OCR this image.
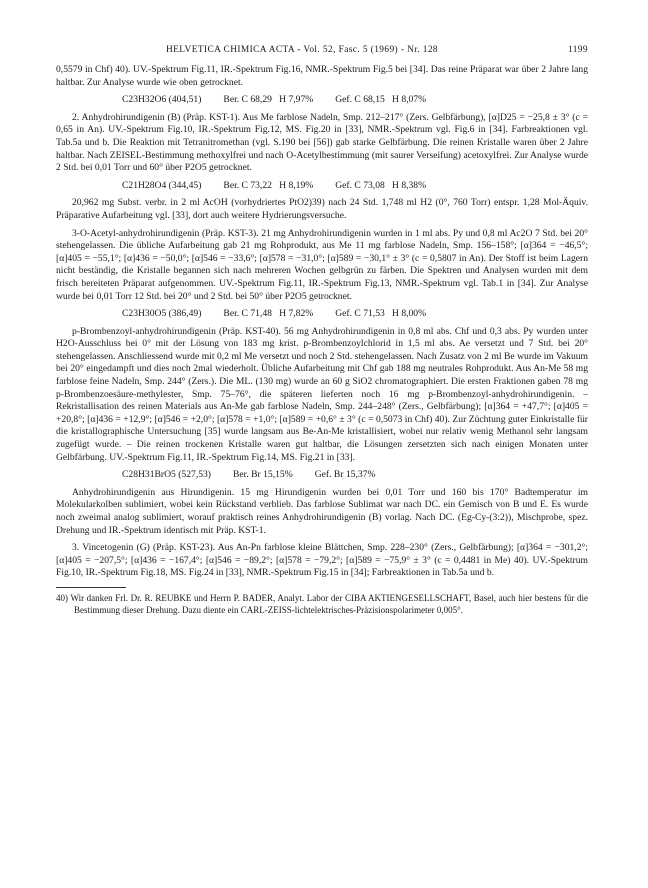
HELVETICA CHIMICA ACTA - Vol. 52, Fasc. 5 (1969) - Nr. 128	1199

0,5579 in Chf) 40). UV.-Spektrum Fig.11, IR.-Spektrum Fig.16, NMR.-Spektrum Fig.5 bei [34]. Das reine Präparat war über 2 Jahre lang haltbar. Zur Analyse wurde wie oben getrocknet.

C23H32O6 (404,51) Ber. C 68,29   H 7,97% Gef. C 68,15   H 8,07%

2. Anhydrohirundigenin (B) (Präp. KST-1). Aus Me farblose Nadeln, Smp. 212–217° (Zers. Gelbfärbung), [α]D25 = −25,8 ± 3° (c = 0,65 in An). UV.-Spektrum Fig.10, IR.-Spektrum Fig.12, MS. Fig.20 in [33], NMR.-Spektrum vgl. Fig.6 in [34]. Farbreaktionen vgl. Tab.5a und b. Die Reaktion mit Tetranitromethan (vgl. S.190 bei [56]) gab starke Gelbfärbung. Die reinen Kristalle waren über 2 Jahre haltbar. Nach ZEISEL-Bestimmung methoxylfrei und nach O-Acetylbestimmung (mit saurer Verseifung) acetoxylfrei. Zur Analyse wurde 2 Std. bei 0,01 Torr und 60° über P2O5 getrocknet.

C21H28O4 (344,45) Ber. C 73,22   H 8,19% Gef. C 73,08   H 8,38%

20,962 mg Subst. verbr. in 2 ml AcOH (vorhydriertes PtO2)39) nach 24 Std. 1,748 ml H2 (0°, 760 Torr) entspr. 1,28 Mol-Äquiv. Präparative Aufarbeitung vgl. [33], dort auch weitere Hydrierungsversuche.

3-O-Acetyl-anhydrohirundigenin (Präp. KST-3). 21 mg Anhydrohirundigenin wurden in 1 ml abs. Py und 0,8 ml Ac2O 7 Std. bei 20° stehengelassen. Die übliche Aufarbeitung gab 21 mg Rohprodukt, aus Me 11 mg farblose Nadeln, Smp. 156–158°; [α]364 = −46,5°; [α]405 = −55,1°; [α]436 = −50,0°; [α]546 = −33,6°; [α]578 = −31,0°; [α]589 = −30,1° ± 3° (c = 0,5807 in An). Der Stoff ist beim Lagern nicht beständig, die Kristalle begannen sich nach mehreren Wochen gelbgrün zu färben. Die Spektren und Analysen wurden mit dem frisch bereiteten Präparat aufgenommen. UV.-Spektrum Fig.11, IR.-Spektrum Fig.13, NMR.-Spektrum vgl. Tab.1 in [34]. Zur Analyse wurde bei 0,01 Torr 12 Std. bei 20° und 2 Std. bei 50° über P2O5 getrocknet.

C23H30O5 (386,49) Ber. C 71,48   H 7,82% Gef. C 71,53   H 8,00%

p-Brombenzoyl-anhydrohirundigenin (Präp. KST-40). 56 mg Anhydrohirundigenin in 0,8 ml abs. Chf und 0,3 abs. Py wurden unter H2O-Ausschluss bei 0° mit der Lösung von 183 mg krist. p-Brombenzoylchlorid in 1,5 ml abs. Ae versetzt und 7 Std. bei 20° stehengelassen. Anschliessend wurde mit 0,2 ml Me versetzt und noch 2 Std. stehengelassen. Nach Zusatz von 2 ml Be wurde im Vakuum bei 20° eingedampft und dies noch 2mal wiederholt. Übliche Aufarbeitung mit Chf gab 188 mg neutrales Rohprodukt. Aus An-Me 58 mg farblose feine Nadeln, Smp. 244° (Zers.). Die ML. (130 mg) wurde an 60 g SiO2 chromatographiert. Die ersten Fraktionen gaben 78 mg p-Brombenzoesäure-methylester, Smp. 75–76°, die späteren lieferten noch 16 mg p-Brombenzoyl-anhydrohirundigenin. – Rekristallisation des reinen Materials aus An-Me gab farblose Nadeln, Smp. 244–248° (Zers., Gelbfärbung); [α]364 = +47,7°; [α]405 = +20,8°; [α]436 = +12,9°; [α]546 = +2,0°; [α]578 = +1,0°; [α]589 = +0,6° ± 3° (c = 0,5073 in Chf) 40). Zur Züchtung guter Einkristalle für die kristallographische Untersuchung [35] wurde langsam aus Be-An-Me kristallisiert, wobei nur relativ wenig Methanol sehr langsam zugefügt wurde. – Die reinen trockenen Kristalle waren gut haltbar, die Lösungen zersetzten sich nach einigen Monaten unter Gelbfärbung. UV.-Spektrum Fig.11, IR.-Spektrum Fig.14, MS. Fig.21 in [33].

C28H31BrO5 (527,53) Ber. Br 15,15% Gef. Br 15,37%

Anhydrohirundigenin aus Hirundigenin. 15 mg Hirundigenin wurden bei 0,01 Torr und 160 bis 170° Badtemperatur im Molekularkolben sublimiert, wobei kein Rückstand verblieb. Das farblose Sublimat war nach DC. ein Gemisch von B und E. Es wurde noch zweimal analog sublimiert, worauf praktisch reines Anhydrohirundigenin (B) vorlag. Nach DC. (Eg-Cy-(3:2)), Mischprobe, spez. Drehung und IR.-Spektrum identisch mit Präp. KST-1.

3. Vincetogenin (G) (Präp. KST-23). Aus An-Pn farblose kleine Blättchen, Smp. 228–230° (Zers., Gelbfärbung); [α]364 = −301,2°; [α]405 = −207,5°; [α]436 = −167,4°; [α]546 = −89,2°; [α]578 = −79,2°; [α]589 = −75,9° ± 3° (c = 0,4481 in Me) 40). UV.-Spektrum Fig.10, IR.-Spektrum Fig.18, MS. Fig.24 in [33], NMR.-Spektrum Fig.15 in [34]; Farbreaktionen in Tab.5a und b.

40) Wir danken Frl. Dr. R. REUBKE und Herrn P. BADER, Analyt. Labor der CIBA AKTIENGESELLSCHAFT, Basel, auch hier bestens für die Bestimmung dieser Drehung. Dazu diente ein CARL-ZEISS-lichtelektrisches-Präzisionspolarimeter 0,005°.
